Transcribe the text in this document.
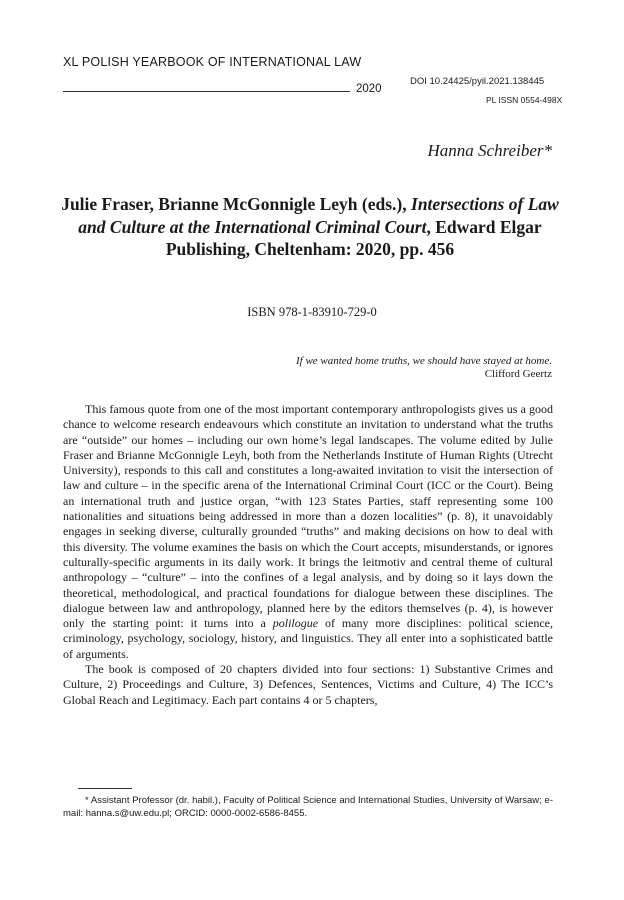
XL POLISH YEARBOOK OF INTERNATIONAL LAW
2020
DOI 10.24425/pyil.2021.138445
PL ISSN 0554-498X
Hanna Schreiber*
Julie Fraser, Brianne McGonnigle Leyh (eds.), Intersections of Law and Culture at the International Criminal Court, Edward Elgar Publishing, Cheltenham: 2020, pp. 456
ISBN 978-1-83910-729-0
If we wanted home truths, we should have stayed at home.
Clifford Geertz

This famous quote from one of the most important contemporary anthropologists gives us a good chance to welcome research endeavours which constitute an invitation to understand what the truths are “outside” our homes – including our own home’s legal landscapes. The volume edited by Julie Fraser and Brianne McGonnigle Leyh, both from the Netherlands Institute of Human Rights (Utrecht University), responds to this call and constitutes a long-awaited invitation to visit the intersection of law and culture – in the specific arena of the International Criminal Court (ICC or the Court). Being an international truth and justice organ, “with 123 States Parties, staff representing some 100 nationalities and situations being addressed in more than a dozen localities” (p. 8), it unavoidably engages in seeking diverse, culturally grounded “truths” and making decisions on how to deal with this diversity. The volume examines the basis on which the Court accepts, misunderstands, or ignores culturally-specific arguments in its daily work. It brings the leitmotiv and central theme of cultural anthropology – “culture” – into the confines of a legal analysis, and by doing so it lays down the theoretical, methodological, and practical foundations for dialogue between these disciplines. The dialogue between law and anthropology, planned here by the editors themselves (p. 4), is however only the starting point: it turns into a polilogue of many more disciplines: political science, criminology, psychology, sociology, history, and linguistics. They all enter into a sophisticated battle of arguments.

The book is composed of 20 chapters divided into four sections: 1) Substantive Crimes and Culture, 2) Proceedings and Culture, 3) Defences, Sentences, Victims and Culture, 4) The ICC’s Global Reach and Legitimacy. Each part contains 4 or 5 chapters,

* Assistant Professor (dr. habil.), Faculty of Political Science and International Studies, University of Warsaw; e-mail: hanna.s@uw.edu.pl; ORCID: 0000-0002-6586-8455.
